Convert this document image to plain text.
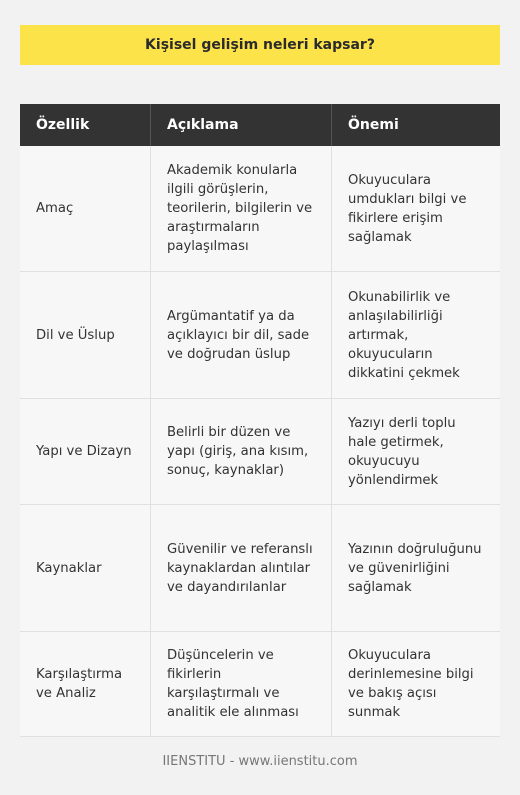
Kişisel gelişim neleri kapsar?
Özellik	Açıklama	Önemi
Amaç
Akademik konularla ilgili görüşlerin, teorilerin, bilgilerin ve araştırmaların paylaşılması
Okuyuculara umdukları bilgi ve fikirlere erişim sağlamak
Dil ve Üslup
Argümantatif ya da açıklayıcı bir dil, sade ve doğrudan üslup
Okunabilirlik ve anlaşılabilirliği artırmak, okuyucuların dikkatini çekmek
Yapı ve Dizayn
Belirli bir düzen ve yapı (giriş, ana kısım, sonuç, kaynaklar)
Yazıyı derli toplu hale getirmek, okuyucuyu yönlendirmek
Kaynaklar
Güvenilir ve referanslı kaynaklardan alıntılar ve dayandırılanlar
Yazının doğruluğunu ve güvenirliğini sağlamak
Karşılaştırma ve Analiz
Düşüncelerin ve fikirlerin karşılaştırmalı ve analitik ele alınması
Okuyuculara derinlemesine bilgi ve bakış açısı sunmak
IIENSTITU - www.iienstitu.com
